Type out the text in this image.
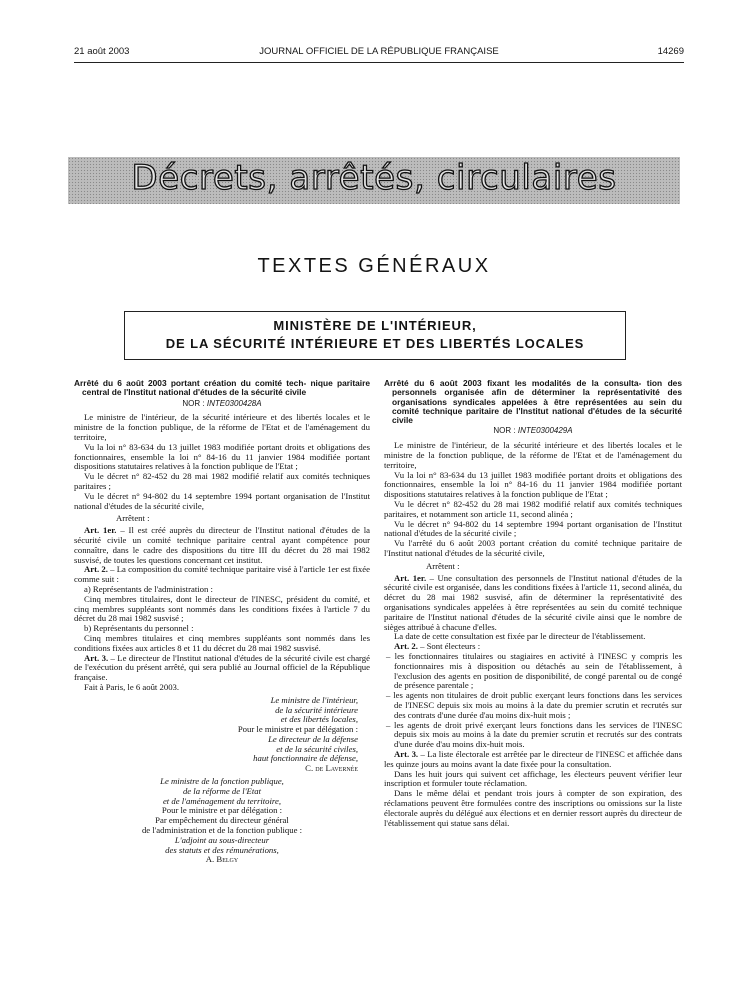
21 août 2003	JOURNAL OFFICIEL DE LA RÉPUBLIQUE FRANÇAISE	14269
Décrets, arrêtés, circulaires
TEXTES GÉNÉRAUX
MINISTÈRE DE L'INTÉRIEUR,
DE LA SÉCURITÉ INTÉRIEURE ET DES LIBERTÉS LOCALES

Arrêté du 6 août 2003 portant création du comité tech- nique paritaire central de l'Institut national d'études de la sécurité civile

NOR : INTE0300428A

Le ministre de l'intérieur, de la sécurité intérieure et des libertés locales et le ministre de la fonction publique, de la réforme de l'Etat et de l'aménagement du territoire,

Vu la loi n° 83-634 du 13 juillet 1983 modifiée portant droits et obligations des fonctionnaires, ensemble la loi n° 84-16 du 11 janvier 1984 modifiée portant dispositions statutaires relatives à la fonction publique de l'Etat ;

Vu le décret n° 82-452 du 28 mai 1982 modifié relatif aux comités techniques paritaires ;

Vu le décret n° 94-802 du 14 septembre 1994 portant organisation de l'Institut national d'études de la sécurité civile,

Arrêtent :

Art. 1er. – Il est créé auprès du directeur de l'Institut national d'études de la sécurité civile un comité technique paritaire central ayant compétence pour connaître, dans le cadre des dispositions du titre III du décret du 28 mai 1982 susvisé, de toutes les questions concernant cet institut.

Art. 2. – La composition du comité technique paritaire visé à l'article 1er est fixée comme suit :

a) Représentants de l'administration :

Cinq membres titulaires, dont le directeur de l'INESC, président du comité, et cinq membres suppléants sont nommés dans les conditions fixées à l'article 7 du décret du 28 mai 1982 susvisé ;

b) Représentants du personnel :

Cinq membres titulaires et cinq membres suppléants sont nommés dans les conditions fixées aux articles 8 et 11 du décret du 28 mai 1982 susvisé.

Art. 3. – Le directeur de l'Institut national d'études de la sécurité civile est chargé de l'exécution du présent arrêté, qui sera publié au Journal officiel de la République française.

Fait à Paris, le 6 août 2003.

Le ministre de l'intérieur,

de la sécurité intérieure

et des libertés locales,

Pour le ministre et par délégation :

Le directeur de la défense

et de la sécurité civiles,

haut fonctionnaire de défense,

C. de Lavernée

Le ministre de la fonction publique,

de la réforme de l'Etat

et de l'aménagement du territoire,

Pour le ministre et par délégation :

Par empêchement du directeur général

de l'administration et de la fonction publique :

L'adjoint au sous-directeur

des statuts et des rémunérations,

A. Belgy

Arrêté du 6 août 2003 fixant les modalités de la consulta- tion des personnels organisée afin de déterminer la représentativité des organisations syndicales appelées à être représentées au sein du comité technique paritaire de l'Institut national d'études de la sécurité civile

NOR : INTE0300429A

Le ministre de l'intérieur, de la sécurité intérieure et des libertés locales et le ministre de la fonction publique, de la réforme de l'Etat et de l'aménagement du territoire,

Vu la loi n° 83-634 du 13 juillet 1983 modifiée portant droits et obligations des fonctionnaires, ensemble la loi n° 84-16 du 11 janvier 1984 modifiée portant dispositions statutaires relatives à la fonction publique de l'Etat ;

Vu le décret n° 82-452 du 28 mai 1982 modifié relatif aux comités techniques paritaires, et notamment son article 11, second alinéa ;

Vu le décret n° 94-802 du 14 septembre 1994 portant organisation de l'Institut national d'études de la sécurité civile ;

Vu l'arrêté du 6 août 2003 portant création du comité technique paritaire de l'Institut national d'études de la sécurité civile,

Arrêtent :

Art. 1er. – Une consultation des personnels de l'Institut national d'études de la sécurité civile est organisée, dans les conditions fixées à l'article 11, second alinéa, du décret du 28 mai 1982 susvisé, afin de déterminer la représentativité des organisations syndicales appelées à être représentées au sein du comité technique paritaire de l'Institut national d'études de la sécurité civile ainsi que le nombre de sièges attribué à chacune d'elles.

La date de cette consultation est fixée par le directeur de l'établissement.

Art. 2. – Sont électeurs :

– les fonctionnaires titulaires ou stagiaires en activité à l'INESC y compris les fonctionnaires mis à disposition ou détachés au sein de l'établissement, à l'exclusion des agents en position de disponibilité, de congé parental ou de congé de présence parentale ;
– les agents non titulaires de droit public exerçant leurs fonctions dans les services de l'INESC depuis six mois au moins à la date du premier scrutin et recrutés sur des contrats d'une durée d'au moins dix-huit mois ;
– les agents de droit privé exerçant leurs fonctions dans les services de l'INESC depuis six mois au moins à la date du premier scrutin et recrutés sur des contrats d'une durée d'au moins dix-huit mois.

Art. 3. – La liste électorale est arrêtée par le directeur de l'INESC et affichée dans les quinze jours au moins avant la date fixée pour la consultation.

Dans les huit jours qui suivent cet affichage, les électeurs peuvent vérifier leur inscription et formuler toute réclamation.

Dans le même délai et pendant trois jours à compter de son expiration, des réclamations peuvent être formulées contre des inscriptions ou omissions sur la liste électorale auprès du délégué aux élections et en dernier ressort auprès du directeur de l'établissement qui statue sans délai.
